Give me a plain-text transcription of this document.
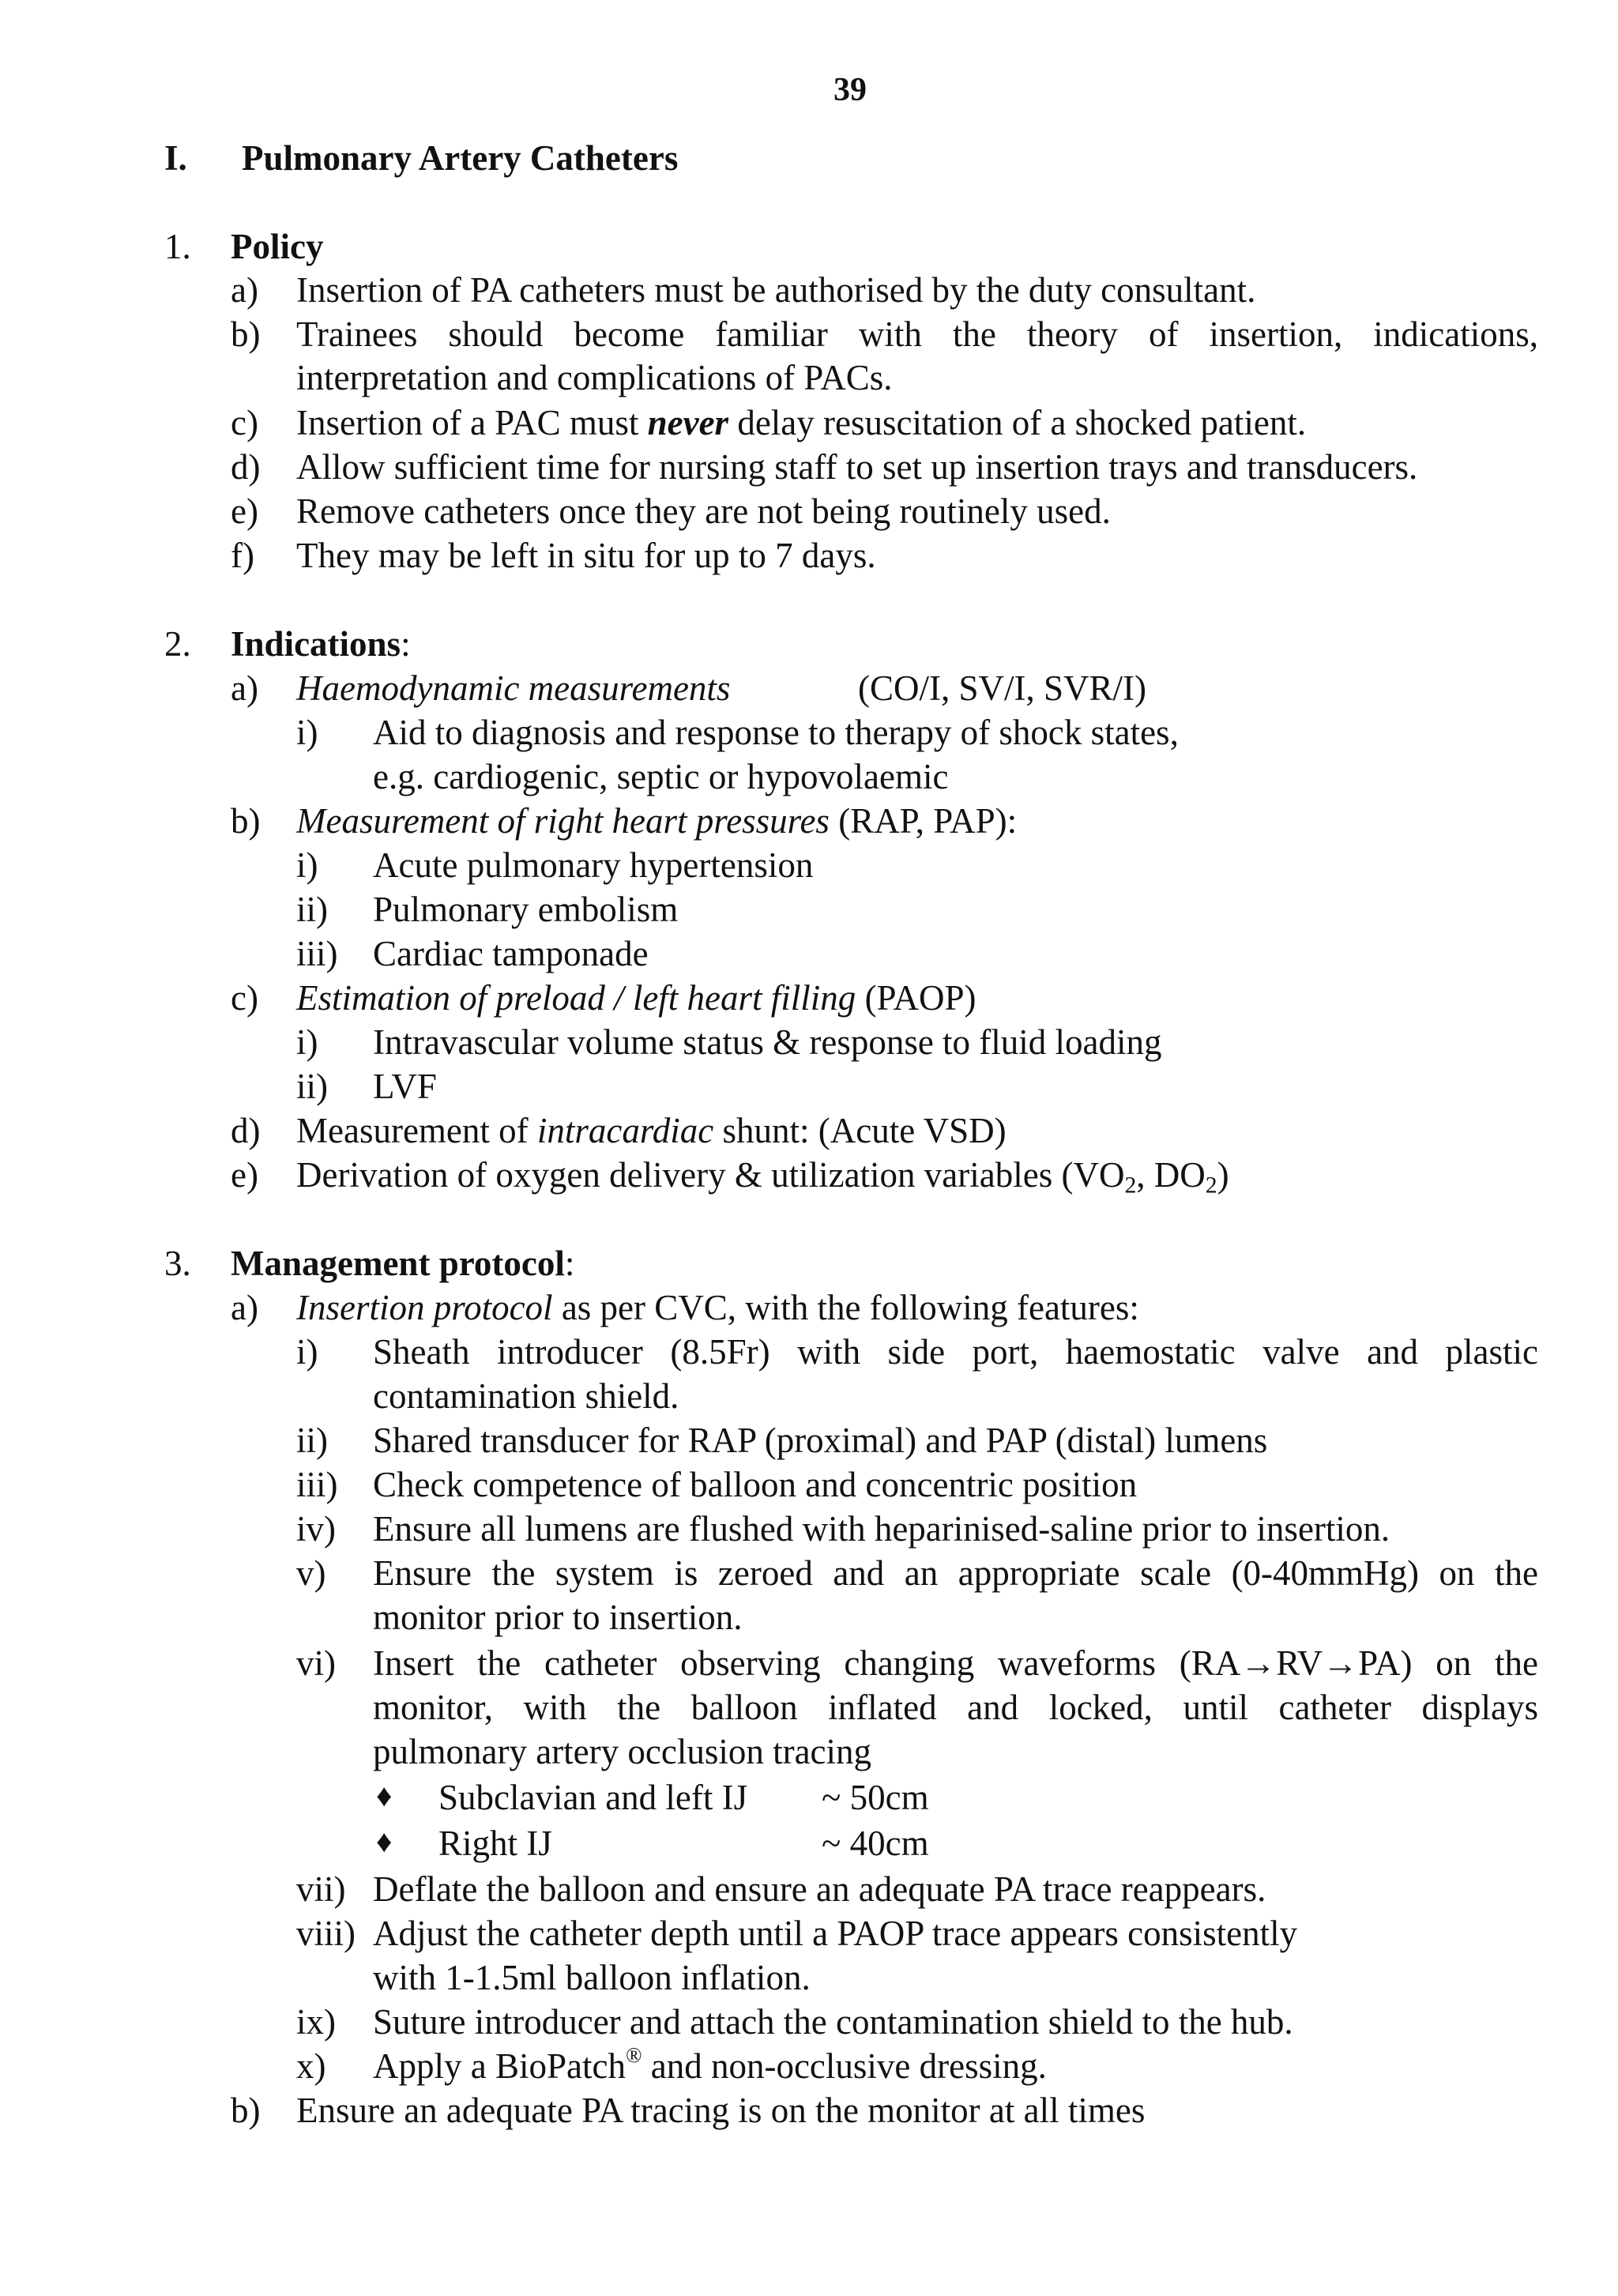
39
I. Pulmonary Artery Catheters
1. Policy
a) Insertion of PA catheters must be authorised by the duty consultant.
b) Trainees should become familiar with the theory of insertion, indications,
interpretation and complications of PACs.
c) Insertion of a PAC must never delay resuscitation of a shocked patient.
d) Allow sufficient time for nursing staff to set up insertion trays and transducers.
e) Remove catheters once they are not being routinely used.
f) They may be left in situ for up to 7 days.
2. Indications:
a) Haemodynamic measurements	(CO/I, SV/I, SVR/I)
i) Aid to diagnosis and response to therapy of shock states,
e.g. cardiogenic, septic or hypovolaemic
b) Measurement of right heart pressures (RAP, PAP):
i) Acute pulmonary hypertension
ii) Pulmonary embolism
iii) Cardiac tamponade
c) Estimation of preload / left heart filling (PAOP)
i) Intravascular volume status & response to fluid loading
ii) LVF
d) Measurement of intracardiac shunt: (Acute VSD)
e) Derivation of oxygen delivery & utilization variables ($VO_2$, $DO_2$)
3. Management protocol:
a) Insertion protocol as per CVC, with the following features:
i) Sheath introducer (8.5Fr) with side port, haemostatic valve and plastic
contamination shield.
ii) Shared transducer for RAP (proximal) and PAP (distal) lumens
iii) Check competence of balloon and concentric position
iv) Ensure all lumens are flushed with heparinised-saline prior to insertion.
v) Ensure the system is zeroed and an appropriate scale (0-40mmHg) on the
monitor prior to insertion.
vi) Insert the catheter observing changing waveforms (RA→RV→PA) on the
monitor, with the balloon inflated and locked, until catheter displays
pulmonary artery occlusion tracing
♦ Subclavian and left IJ ~ 50cm
♦ Right IJ	~ 40cm
vii) Deflate the balloon and ensure an adequate PA trace reappears.
viii) Adjust the catheter depth until a PAOP trace appears consistently
with 1-1.5ml balloon inflation.
ix) Suture introducer and attach the contamination shield to the hub.
x) Apply a BioPatch® and non-occlusive dressing.
b) Ensure an adequate PA tracing is on the monitor at all times
